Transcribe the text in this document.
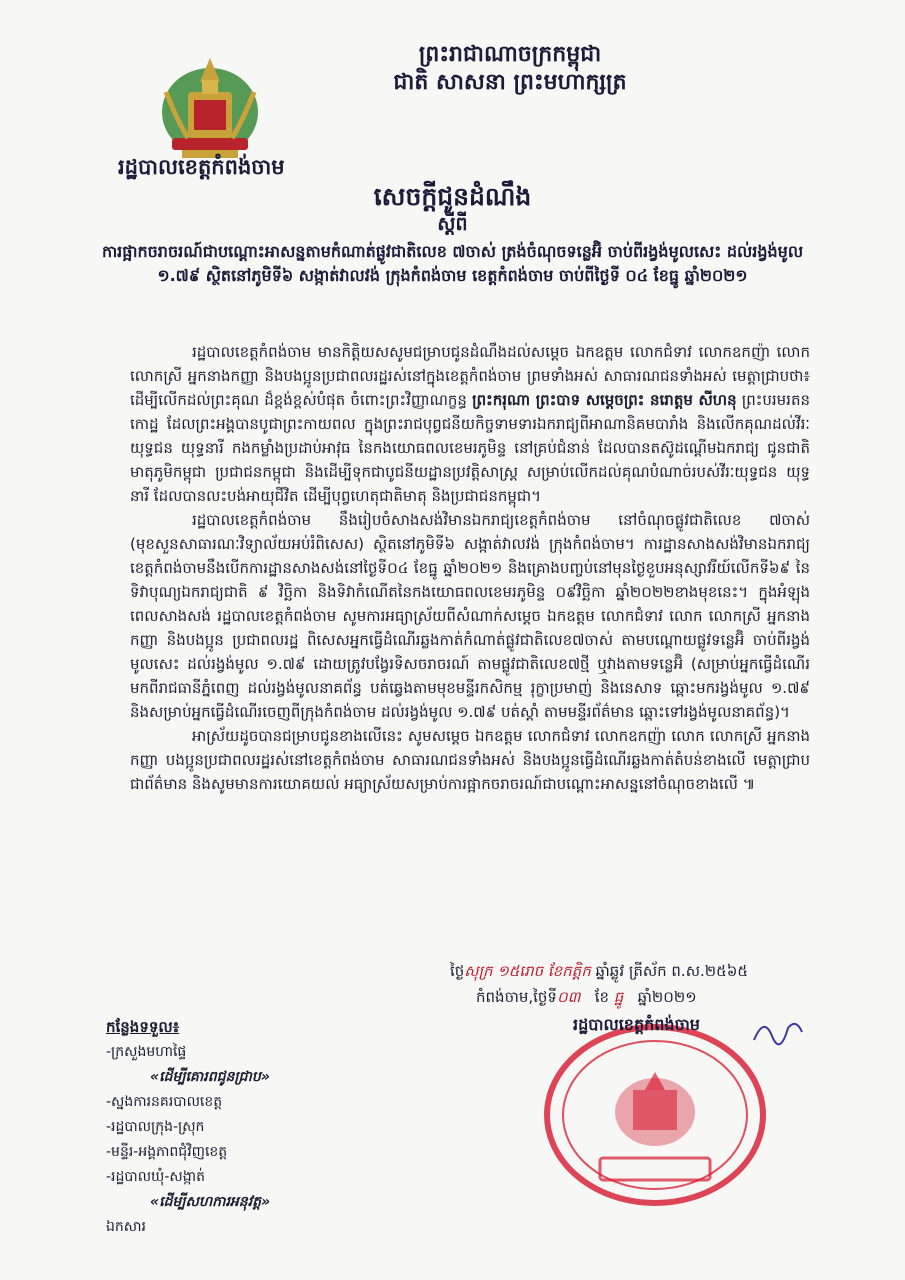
ព្រះរាជាណាចក្រកម្ពុជា
ជាតិ សាសនា ព្រះមហាក្សត្រ
រដ្ឋបាលខេត្តកំពង់ចាម
សេចក្តីជូនដំណឹង
ស្តីពី
ការផ្អាកចរាចរណ៍ជាបណ្តោះអាសន្នតាមកំណាត់ផ្លូវជាតិលេខ ៧ចាស់ ត្រង់ចំណុចទន្លេអ៊ិ ចាប់ពីរង្វង់មូលសេះ ដល់រង្វង់មូល ១.៧៩ ស្ថិតនៅភូមិទី៦ សង្កាត់វាលវង់ ក្រុងកំពង់ចាម ខេត្តកំពង់ចាម ចាប់ពីថ្ងៃទី ០៤ ខែធ្នូ ឆ្នាំ២០២១

រដ្ឋបាលខេត្តកំពង់ចាម មានកិត្តិយសសូមជម្រាបជូនដំណឹងដល់សម្តេច ឯកឧត្តម លោកជំទាវ លោកឧកញ៉ា លោក លោកស្រី អ្នកនាងកញ្ញា និងបងប្អូនប្រជាពលរដ្ឋរស់នៅក្នុងខេត្តកំពង់ចាម ព្រមទាំងអស់ សាធារណជនទាំងអស់ មេត្តាជ្រាបថា៖ ដើម្បីលើកដល់ព្រះគុណ ដ៏ខ្ពង់ខ្ពស់បំផុត ចំពោះព្រះវិញ្ញាណក្ខន្ធ ព្រះករុណា ព្រះបាទ សម្តេចព្រះ នរោត្តម សីហនុ ព្រះបរមរតនកោដ្ឋ ដែលព្រះអង្គបានបូជាព្រះកាយពល ក្នុងព្រះរាជបុព្វជនីយកិច្ចទាមទារឯករាជ្យពីអាណានិគមបារាំង និងលើកគុណដល់វីរៈយុទ្ធជន យុទ្ធនារី កងកម្លាំងប្រដាប់អាវុធ នៃកងយោធពលខេមរភូមិន្ទ នៅគ្រប់ជំនាន់ ដែលបានតស៊ូដណ្តើមឯករាជ្យ ជូនជាតិមាតុភូមិកម្ពុជា ប្រជាជនកម្ពុជា និងដើម្បីទុកជាបូជនីយដ្ឋានប្រវត្តិសាស្ត្រ សម្រាប់លើកដល់គុណបំណាច់របស់វីរៈយុទ្ធជន យុទ្ធនារី ដែលបានលះបង់អាយុជីវិត ដើម្បីបុព្វហេតុជាតិមាតុ និងប្រជាជនកម្ពុជា។

រដ្ឋបាលខេត្តកំពង់ចាម នឹងរៀបចំសាងសង់វិមានឯករាជ្យខេត្តកំពង់ចាម នៅចំណុចផ្លូវជាតិលេខ ៧ចាស់ (មុខសួនសាធារណៈវិទ្យាល័យអប់រំពិសេស) ស្ថិតនៅភូមិទី៦ សង្កាត់វាលវង់ ក្រុងកំពង់ចាម។ ការដ្ឋានសាងសង់វិមានឯករាជ្យខេត្តកំពង់ចាមនឹងបើកការដ្ឋានសាងសង់នៅថ្ងៃទី០៤ ខែធ្នូ ឆ្នាំ២០២១ និងគ្រោងបញ្ចប់នៅមុនថ្ងៃខួបអនុស្សាវរីយ៍លើកទី៦៩ នៃទិវាបុណ្យឯករាជ្យជាតិ ៩ វិច្ឆិកា និងទិវាកំណើតនៃកងយោធពលខេមរភូមិន្ទ ០៩វិច្ឆិកា ឆ្នាំ២០២២ខាងមុខនេះ។ ក្នុងអំឡុងពេលសាងសង់ រដ្ឋបាលខេត្តកំពង់ចាម សូមការអធ្យាស្រ័យពីសំណាក់សម្តេច ឯកឧត្តម លោកជំទាវ លោក លោកស្រី អ្នកនាងកញ្ញា និងបងប្អូន ប្រជាពលរដ្ឋ ពិសេសអ្នកធ្វើដំណើរឆ្លងកាត់កំណាត់ផ្លូវជាតិលេខ៧ចាស់ តាមបណ្តោយផ្លូវទន្លេអ៊ិ ចាប់ពីរង្វង់មូលសេះ ដល់រង្វង់មូល ១.៧៩ ដោយត្រូវបង្វែរទិសចរាចរណ៍ តាមផ្លូវជាតិលេខ៧ថ្មី ឬវាងតាមទន្លេអ៊ិ (សម្រាប់អ្នកធ្វើដំណើរមកពីរាជធានីភ្នំពេញ ដល់រង្វង់មូលនាគព័ន្ធ បត់ឆ្វេងតាមមុខមន្ទីរកសិកម្ម រុក្ខាប្រមាញ់ និងនេសាទ ឆ្ពោះមករង្វង់មូល ១.៧៩ និងសម្រាប់អ្នកធ្វើដំណើរចេញពីក្រុងកំពង់ចាម ដល់រង្វង់មូល ១.៧៩ បត់ស្តាំ តាមមន្ទីរព័ត៌មាន ឆ្ពោះទៅរង្វង់មូលនាគព័ន្ធ)។

អាស្រ័យដូចបានជម្រាបជូនខាងលើនេះ សូមសម្តេច ឯកឧត្តម លោកជំទាវ លោកឧកញ៉ា លោក លោកស្រី អ្នកនាងកញ្ញា បងប្អូនប្រជាពលរដ្ឋរស់នៅខេត្តកំពង់ចាម សាធារណជនទាំងអស់ និងបងប្អូនធ្វើដំណើរឆ្លងកាត់តំបន់ខាងលើ មេត្តាជ្រាបជាព័ត៌មាន និងសូមមានការយោគយល់ អធ្យាស្រ័យសម្រាប់ការផ្អាកចរាចរណ៍ជាបណ្តោះអាសន្ននៅចំណុចខាងលើ ៕

ថ្ងៃសុក្រ ១៥រោច ខែកត្តិក ឆ្នាំឆ្លូវ ត្រីស័ក ព.ស.២៥៦៥
កំពង់ចាម,ថ្ងៃទី០៣ ខែ ធ្នូ ឆ្នាំ២០២១
រដ្ឋបាលខេត្តកំពង់ចាម
កន្លែងទទួល៖
-ក្រសួងមហាផ្ទៃ
«ដើម្បីគោរពជូនជ្រាប»
-ស្នងការនគរបាលខេត្ត
-រដ្ឋបាលក្រុង-ស្រុក
-មន្ទីរ-អង្គភាពជុំវិញខេត្ត
-រដ្ឋបាលឃុំ-សង្កាត់
«ដើម្បីសហការអនុវត្ត»
ឯកសារ
